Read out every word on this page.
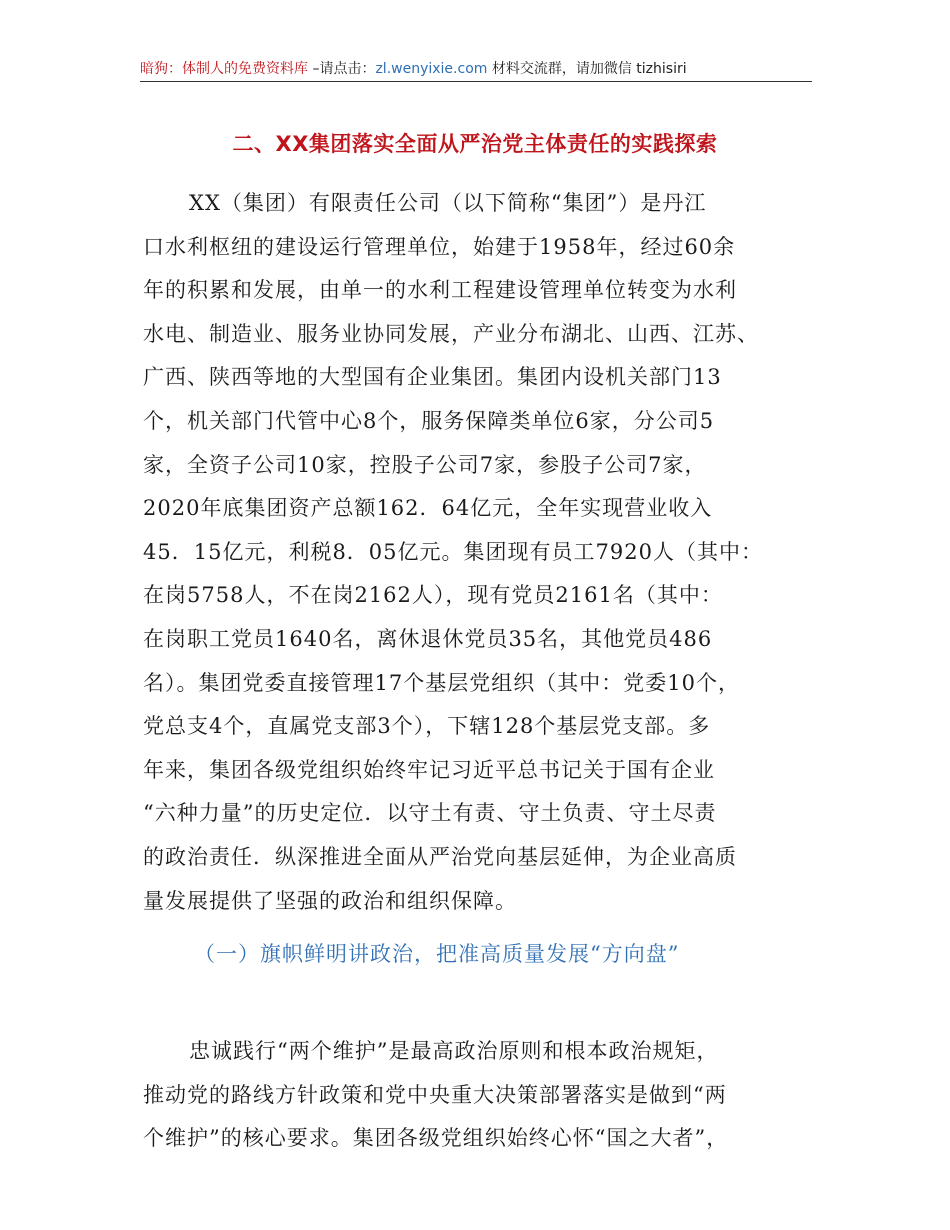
暗狗：体制人的免费资料库 –请点击：zl.wenyixie.com 材料交流群，请加微信 tizhisiri
二、XX集团落实全面从严治党主体责任的实践探索
XX（集团）有限责任公司（以下简称“集团”）是丹江
口水利枢纽的建设运行管理单位，始建于1958年，经过60余
年的积累和发展，由单一的水利工程建设管理单位转变为水利
水电、制造业、服务业协同发展，产业分布湖北、山西、江苏、
广西、陕西等地的大型国有企业集团。集团内设机关部门13
个，机关部门代管中心8个，服务保障类单位6家，分公司5
家，全资子公司10家，控股子公司7家，参股子公司7家，
2020年底集团资产总额162．64亿元，全年实现营业收入
45．15亿元，利税8．05亿元。集团现有员工7920人（其中：
在岗5758人，不在岗2162人），现有党员2161名（其中：
在岗职工党员1640名，离休退休党员35名，其他党员486
名）。集团党委直接管理17个基层党组织（其中：党委10个，
党总支4个，直属党支部3个），下辖128个基层党支部。多
年来，集团各级党组织始终牢记习近平总书记关于国有企业
“六种力量”的历史定位．以守土有责、守土负责、守土尽责
的政治责任．纵深推进全面从严治党向基层延伸，为企业高质
量发展提供了坚强的政治和组织保障。
（一）旗帜鲜明讲政治，把准高质量发展“方向盘”
忠诚践行“两个维护”是最高政治原则和根本政治规矩，
推动党的路线方针政策和党中央重大决策部署落实是做到“两
个维护”的核心要求。集团各级党组织始终心怀“国之大者”，
